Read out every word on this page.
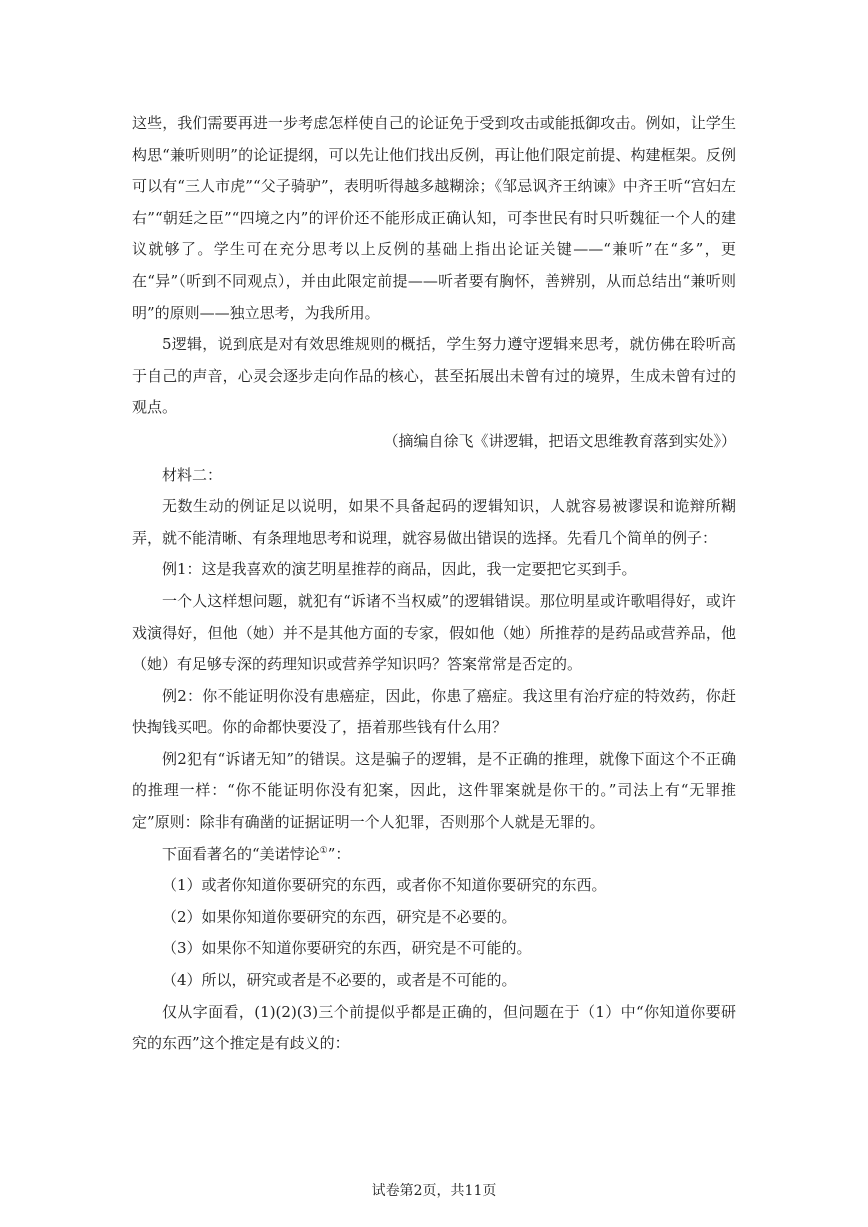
这些，我们需要再进一步考虑怎样使自己的论证免于受到攻击或能抵御攻击。例如，让学生构思“兼听则明”的论证提纲，可以先让他们找出反例，再让他们限定前提、构建框架。反例可以有“三人市虎”“父子骑驴”，表明听得越多越糊涂；《邹忌讽齐王纳谏》中齐王听“宫妇左右”“朝廷之臣”“四境之内”的评价还不能形成正确认知，可李世民有时只听魏征一个人的建议就够了。学生可在充分思考以上反例的基础上指出论证关键——“兼听”在“多”，更在“异”（听到不同观点），并由此限定前提——听者要有胸怀，善辨别，从而总结出“兼听则明”的原则——独立思考，为我所用。

5逻辑，说到底是对有效思维规则的概括，学生努力遵守逻辑来思考，就仿佛在聆听高于自己的声音，心灵会逐步走向作品的核心，甚至拓展出未曾有过的境界，生成未曾有过的观点。

（摘编自徐飞《讲逻辑，把语文思维教育落到实处》）

材料二：

无数生动的例证足以说明，如果不具备起码的逻辑知识，人就容易被谬误和诡辩所糊弄，就不能清晰、有条理地思考和说理，就容易做出错误的选择。先看几个简单的例子：

例1：这是我喜欢的演艺明星推荐的商品，因此，我一定要把它买到手。

一个人这样想问题，就犯有“诉诸不当权威”的逻辑错误。那位明星或许歌唱得好，或许戏演得好，但他（她）并不是其他方面的专家，假如他（她）所推荐的是药品或营养品，他（她）有足够专深的药理知识或营养学知识吗？答案常常是否定的。

例2：你不能证明你没有患癌症，因此，你患了癌症。我这里有治疗症的特效药，你赶快掏钱买吧。你的命都快要没了，捂着那些钱有什么用？

例2犯有“诉诸无知”的错误。这是骗子的逻辑，是不正确的推理，就像下面这个不正确的推理一样：“你不能证明你没有犯案，因此，这件罪案就是你干的。”司法上有“无罪推定”原则：除非有确凿的证据证明一个人犯罪，否则那个人就是无罪的。

下面看著名的“美诺悖论①”：

（1）或者你知道你要研究的东西，或者你不知道你要研究的东西。

（2）如果你知道你要研究的东西，研究是不必要的。

（3）如果你不知道你要研究的东西，研究是不可能的。

（4）所以，研究或者是不必要的，或者是不可能的。

仅从字面看，(1)(2)(3)三个前提似乎都是正确的，但问题在于（1）中“你知道你要研究的东西”这个推定是有歧义的：

试卷第2页，共11页
